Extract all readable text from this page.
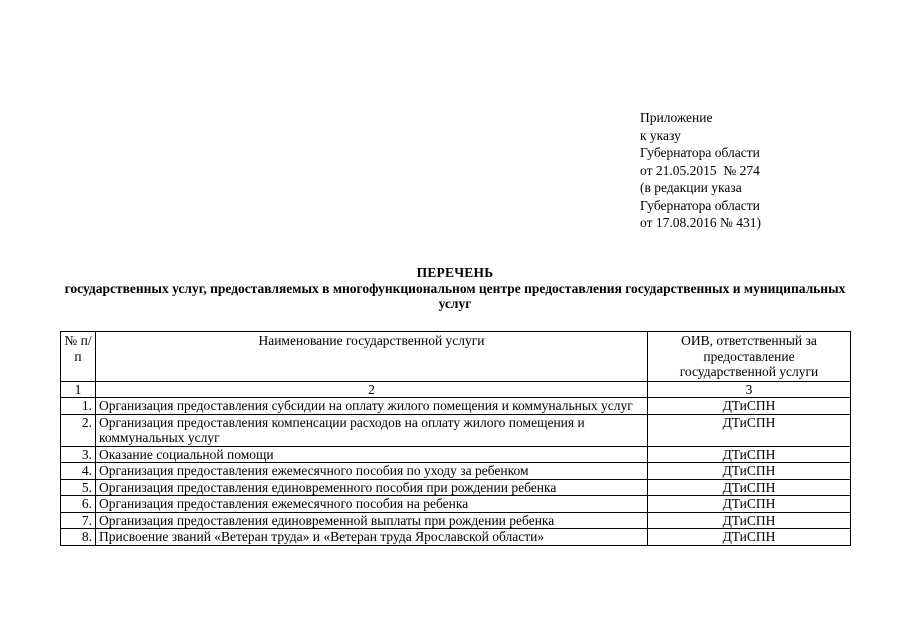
Приложение
к указу
Губернатора области
от 21.05.2015  № 274
(в редакции указа
Губернатора области
от 17.08.2016 № 431)
ПЕРЕЧЕНЬ
государственных услуг, предоставляемых в многофункциональном центре предоставления государственных и муниципальных услуг
№ п/п	Наименование государственной услуги	ОИВ, ответственный за предоставление государственной услуги
1	2	3
1.	Организация предоставления субсидии на оплату жилого помещения и коммунальных услуг	ДТиСПН
2.	Организация предоставления компенсации расходов на оплату жилого помещения и коммунальных услуг	ДТиСПН
3.	Оказание социальной помощи	ДТиСПН
4.	Организация предоставления ежемесячного пособия по уходу за ребенком	ДТиСПН
5.	Организация предоставления единовременного пособия при рождении ребенка	ДТиСПН
6.	Организация предоставления ежемесячного пособия на ребенка	ДТиСПН
7.	Организация предоставления единовременной выплаты при рождении ребенка	ДТиСПН
8.	Присвоение званий «Ветеран труда» и «Ветеран труда Ярославской области»	ДТиСПН
